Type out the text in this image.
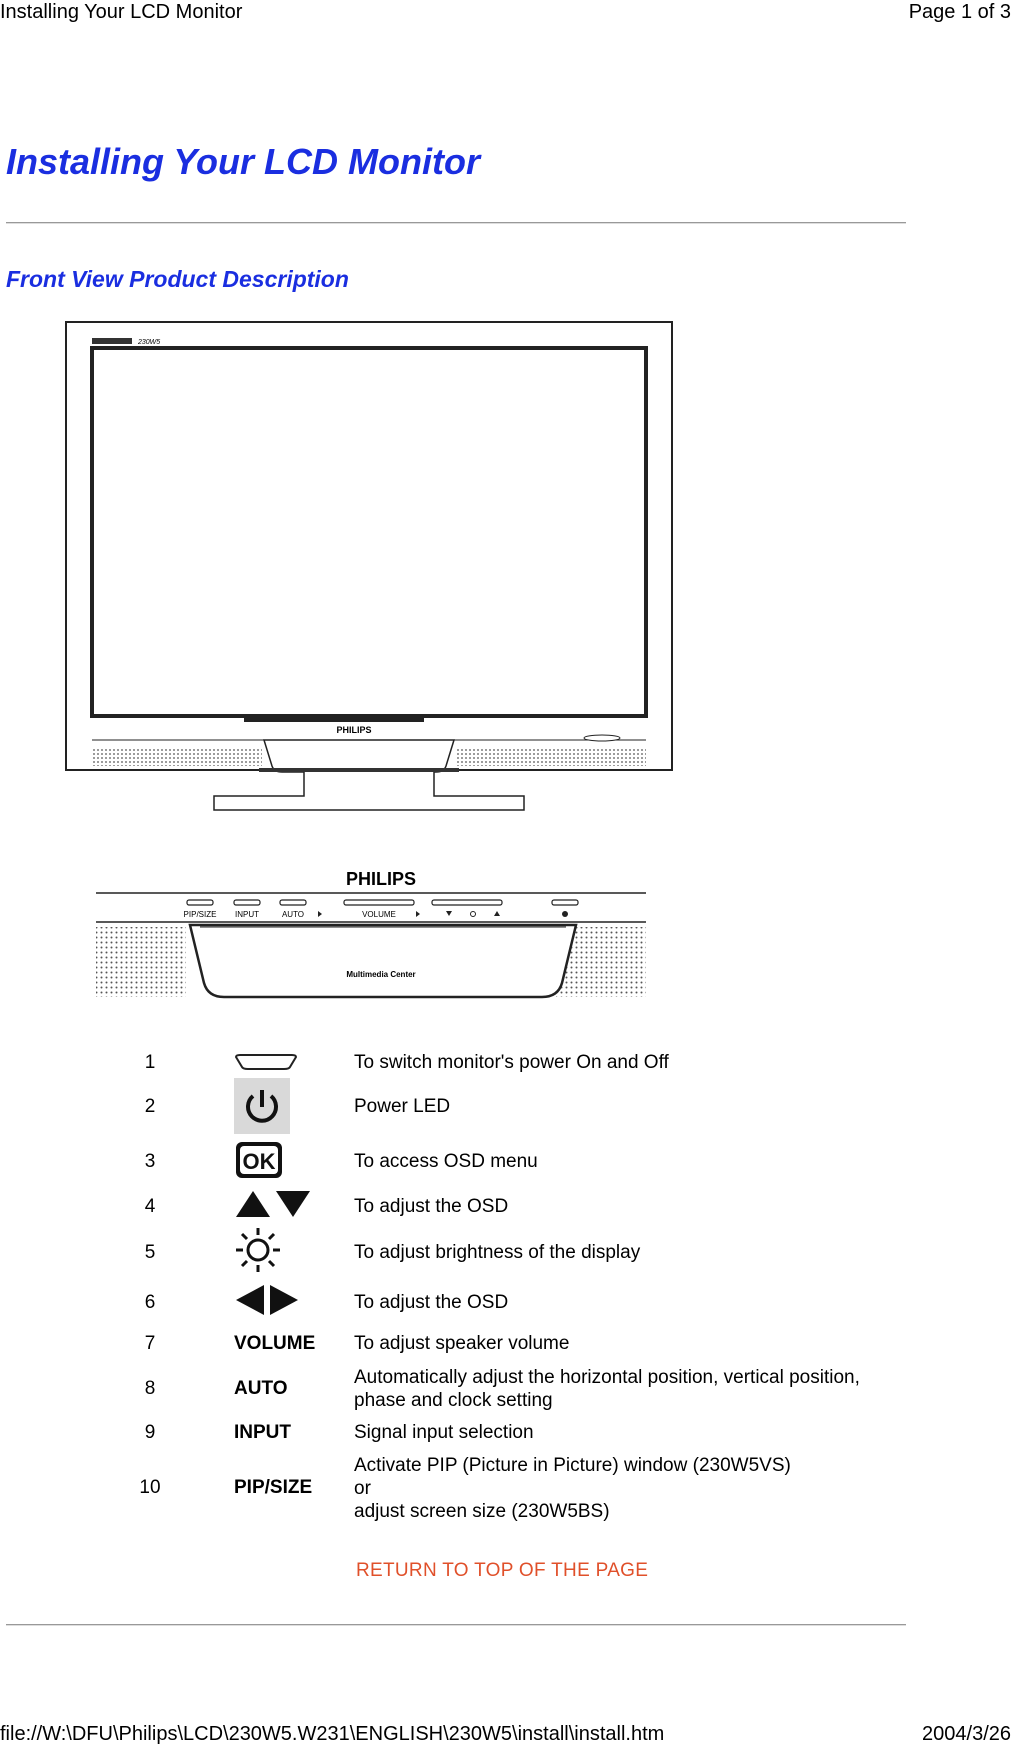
Installing Your LCD Monitor	Page 1 of 3
Installing Your LCD Monitor
Front View Product Description
230W5
PHILIPS
PHILIPS
PIP/SIZE INPUT	AUTO	VOLUME
Multimedia Center
1	To switch monitor's power On and Off
2	Power LED
3	OK	To access OSD menu
4	To adjust the OSD
5	To adjust brightness of the display
6	To adjust the OSD
7	VOLUME To adjust speaker volume
8	AUTO
Automatically adjust the horizontal position, vertical position,
phase and clock setting
9	INPUT	Signal input selection
10	PIP/SIZE
Activate PIP (Picture in Picture) window (230W5VS)
or
adjust screen size (230W5BS)
RETURN TO TOP OF THE PAGE
file://W:\DFU\Philips\LCD\230W5.W231\ENGLISH\230W5\install\install.htm	2004/3/26
